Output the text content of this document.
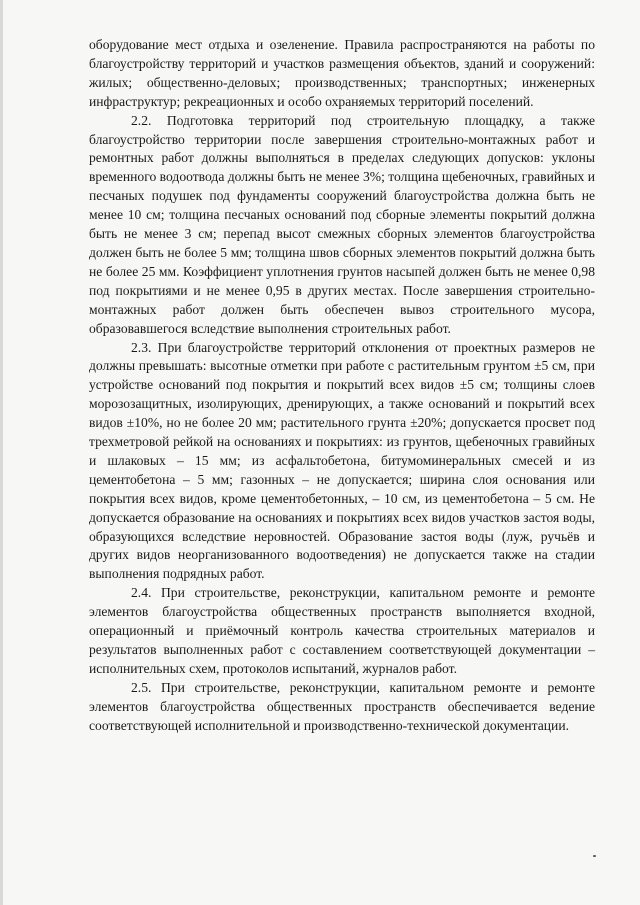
оборудование мест отдыха и озеленение. Правила распространяются на работы по благоустройству территорий и участков размещения объектов, зданий и сооружений: жилых; общественно-деловых; производственных; транспортных; инженерных инфраструктур; рекреационных и особо охраняемых территорий поселений.

2.2. Подготовка территорий под строительную площадку, а также благоустройство территории после завершения строительно-монтажных работ и ремонтных работ должны выполняться в пределах следующих допусков: уклоны временного водоотвода должны быть не менее 3%; толщина щебеночных, гравийных и песчаных подушек под фундаменты сооружений благоустройства должна быть не менее 10 см; толщина песчаных оснований под сборные элементы покрытий должна быть не менее 3 см; перепад высот смежных сборных элементов благоустройства должен быть не более 5 мм; толщина швов сборных элементов покрытий должна быть не более 25 мм. Коэффициент уплотнения грунтов насыпей должен быть не менее 0,98 под покрытиями и не менее 0,95 в других местах. После завершения строительно-монтажных работ должен быть обеспечен вывоз строительного мусора, образовавшегося вследствие выполнения строительных работ.

2.3. При благоустройстве территорий отклонения от проектных размеров не должны превышать: высотные отметки при работе с растительным грунтом ±5 см, при устройстве оснований под покрытия и покрытий всех видов ±5 см; толщины слоев морозозащитных, изолирующих, дренирующих, а также оснований и покрытий всех видов ±10%, но не более 20 мм; растительного грунта ±20%; допускается просвет под трехметровой рейкой на основаниях и покрытиях: из грунтов, щебеночных гравийных и шлаковых – 15 мм; из асфальтобетона, битумоминеральных смесей и из цементобетона – 5 мм; газонных – не допускается; ширина слоя основания или покрытия всех видов, кроме цементобетонных, – 10 см, из цементобетона – 5 см. Не допускается образование на основаниях и покрытиях всех видов участков застоя воды, образующихся вследствие неровностей. Образование застоя воды (луж, ручьёв и других видов неорганизованного водоотведения) не допускается также на стадии выполнения подрядных работ.

2.4. При строительстве, реконструкции, капитальном ремонте и ремонте элементов благоустройства общественных пространств выполняется входной, операционный и приёмочный контроль качества строительных материалов и результатов выполненных работ с составлением соответствующей документации – исполнительных схем, протоколов испытаний, журналов работ.

2.5. При строительстве, реконструкции, капитальном ремонте и ремонте элементов благоустройства общественных пространств обеспечивается ведение соответствующей исполнительной и производственно-технической документации.
